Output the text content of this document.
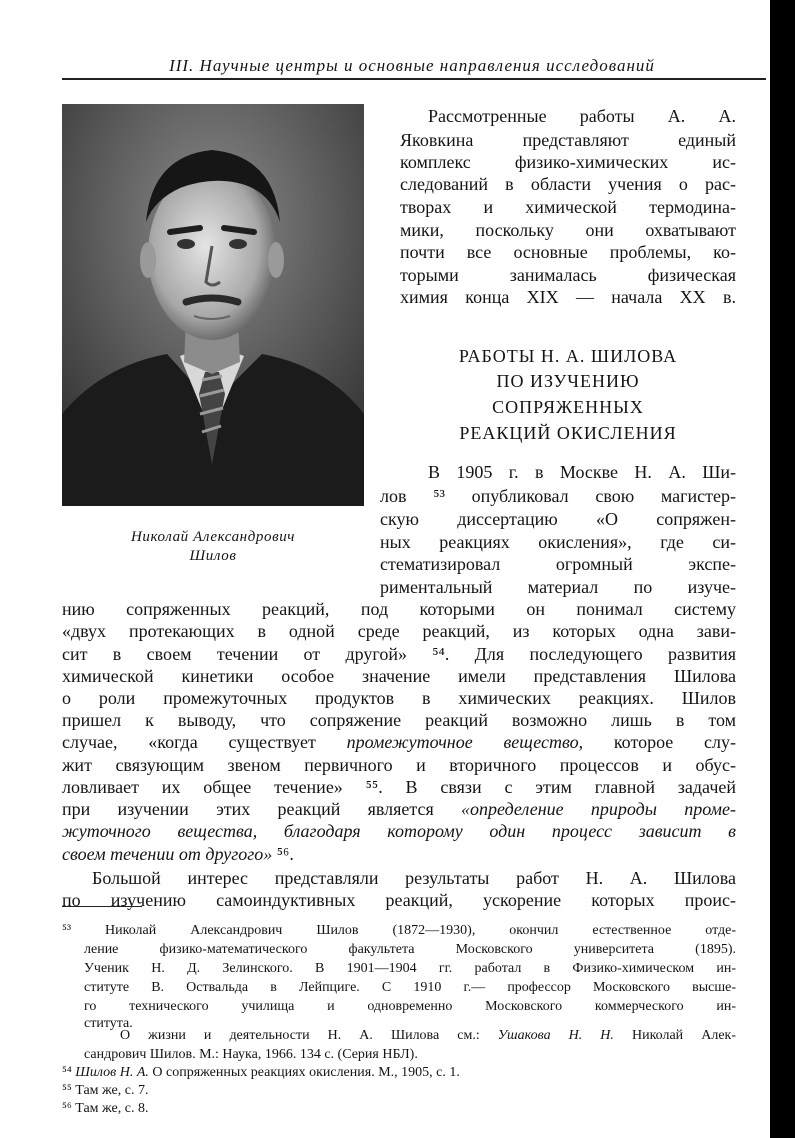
III. Научные центры и основные направления исследований
Николай Александрович
Шилов
Рассмотренные работы А. А.
Яковкина представляют единый
комплекс физико-химических ис-
следований в области учения о рас-
творах и химической термодина-
мики, поскольку они охватывают
почти все основные проблемы, ко-
торыми занималась физическая
химия конца XIX — начала XX в.
РАБОТЫ Н. А. ШИЛОВА
ПО ИЗУЧЕНИЮ
СОПРЯЖЕННЫХ
РЕАКЦИЙ ОКИСЛЕНИЯ
В 1905 г. в Москве Н. А. Ши-
лов ⁵³ опубликовал свою магистер-
скую диссертацию «О сопряжен-
ных реакциях окисления», где си-
стематизировал огромный экспе-
риментальный материал по изуче-
нию сопряженных реакций, под которыми он понимал систему
«двух протекающих в одной среде реакций, из которых одна зави-
сит в своем течении от другой» ⁵⁴. Для последующего развития
химической кинетики особое значение имели представления Шилова
о роли промежуточных продуктов в химических реакциях. Шилов
пришел к выводу, что сопряжение реакций возможно лишь в том
случае, «когда существует промежуточное вещество, которое слу-
жит связующим звеном первичного и вторичного процессов и обус-
ловливает их общее течение» ⁵⁵. В связи с этим главной задачей
при изучении этих реакций является «определение природы проме-
жуточного вещества, благодаря которому один процесс зависит в
своем течении от другого» ⁵⁶.
Большой интерес представляли результаты работ Н. А. Шилова
по изучению самоиндуктивных реакций, ускорение которых проис-
⁵³ Николай Александрович Шилов (1872—1930), окончил естественное отде-
ление физико-математического факультета Московского университета (1895).
Ученик Н. Д. Зелинского. В 1901—1904 гг. работал в Физико-химическом ин-
ституте В. Оствальда в Лейпциге. С 1910 г.— профессор Московского высше-
го технического училища и одновременно Московского коммерческого ин-
ститута.
О жизни и деятельности Н. А. Шилова см.: Ушакова Н. Н. Николай Алек-
сандрович Шилов. М.: Наука, 1966. 134 с. (Серия НБЛ).
⁵⁴ Шилов Н. А. О сопряженных реакциях окисления. М., 1905, с. 1.
⁵⁵ Там же, с. 7.
⁵⁶ Там же, с. 8.
